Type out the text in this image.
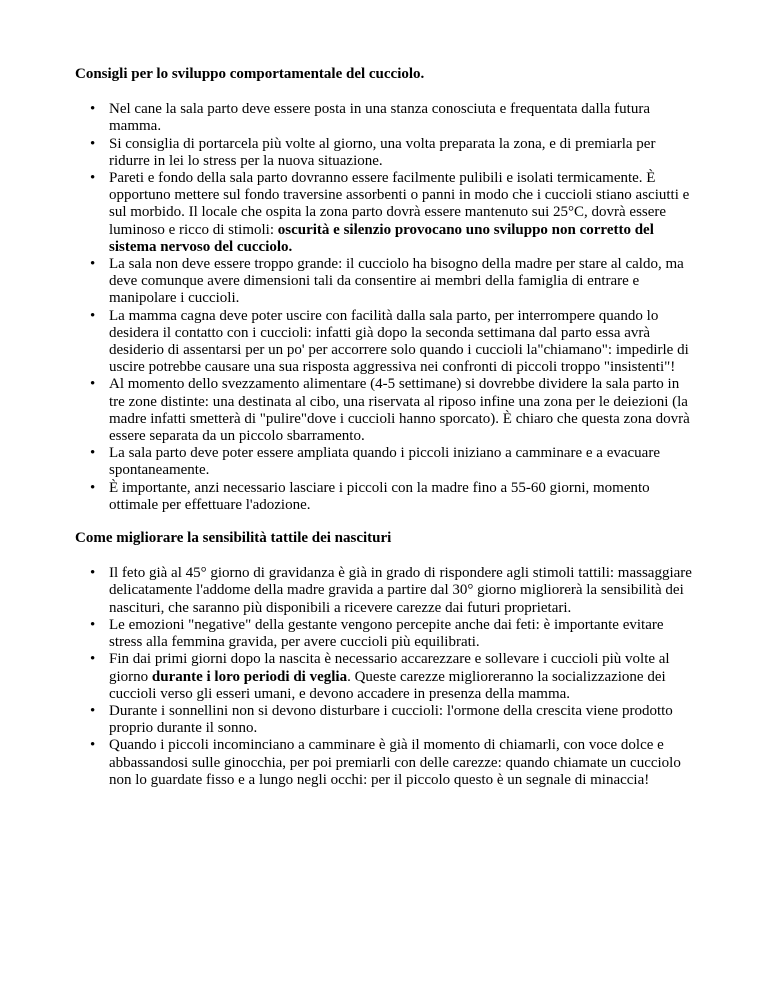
Consigli per lo sviluppo comportamentale del cucciolo.

• Nel cane la sala parto deve essere posta in una stanza conosciuta e frequentata dalla futura mamma.
• Si consiglia di portarcela più volte al giorno, una volta preparata la zona, e di premiarla per ridurre in lei lo stress per la nuova situazione.
• Pareti e fondo della sala parto dovranno essere facilmente pulibili e isolati termicamente. È opportuno mettere sul fondo traversine assorbenti o panni in modo che i cuccioli stiano asciutti e sul morbido. Il locale che ospita la zona parto dovrà essere mantenuto sui 25°C, dovrà essere luminoso e ricco di stimoli: oscurità e silenzio provocano uno sviluppo non corretto del sistema nervoso del cucciolo.
• La sala non deve essere troppo grande: il cucciolo ha bisogno della madre per stare al caldo, ma deve comunque avere dimensioni tali da consentire ai membri della famiglia di entrare e manipolare i cuccioli.
• La mamma cagna deve poter uscire con facilità dalla sala parto, per interrompere quando lo desidera il contatto con i cuccioli: infatti già dopo la seconda settimana dal parto essa avrà desiderio di assentarsi per un po' per accorrere solo quando i cuccioli la"chiamano": impedirle di uscire potrebbe causare una sua risposta aggressiva nei confronti di piccoli troppo "insistenti"!
• Al momento dello svezzamento alimentare (4-5 settimane) si dovrebbe dividere la sala parto in tre zone distinte: una destinata al cibo, una riservata al riposo infine una zona per le deiezioni (la madre infatti smetterà di "pulire"dove i cuccioli hanno sporcato). È chiaro che questa zona dovrà essere separata da un piccolo sbarramento.
• La sala parto deve poter essere ampliata quando i piccoli iniziano a camminare e a evacuare spontaneamente.
• È importante, anzi necessario lasciare i piccoli con la madre fino a 55-60 giorni, momento ottimale per effettuare l'adozione.

Come migliorare la sensibilità tattile dei nascituri

• Il feto già al 45° giorno di gravidanza è già in grado di rispondere agli stimoli tattili: massaggiare delicatamente l'addome della madre gravida a partire dal 30° giorno migliorerà la sensibilità dei nascituri, che saranno più disponibili a ricevere carezze dai futuri proprietari.
• Le emozioni "negative" della gestante vengono percepite anche dai feti: è importante evitare stress alla femmina gravida, per avere cuccioli più equilibrati.
• Fin dai primi giorni dopo la nascita è necessario accarezzare e sollevare i cuccioli più volte al giorno durante i loro periodi di veglia. Queste carezze miglioreranno la socializzazione dei cuccioli verso gli esseri umani, e devono accadere in presenza della mamma.
• Durante i sonnellini non si devono disturbare i cuccioli: l'ormone della crescita viene prodotto proprio durante il sonno.
• Quando i piccoli incominciano a camminare è già il momento di chiamarli, con voce dolce e abbassandosi sulle ginocchia, per poi premiarli con delle carezze: quando chiamate un cucciolo non lo guardate fisso e a lungo negli occhi: per il piccolo questo è un segnale di minaccia!
